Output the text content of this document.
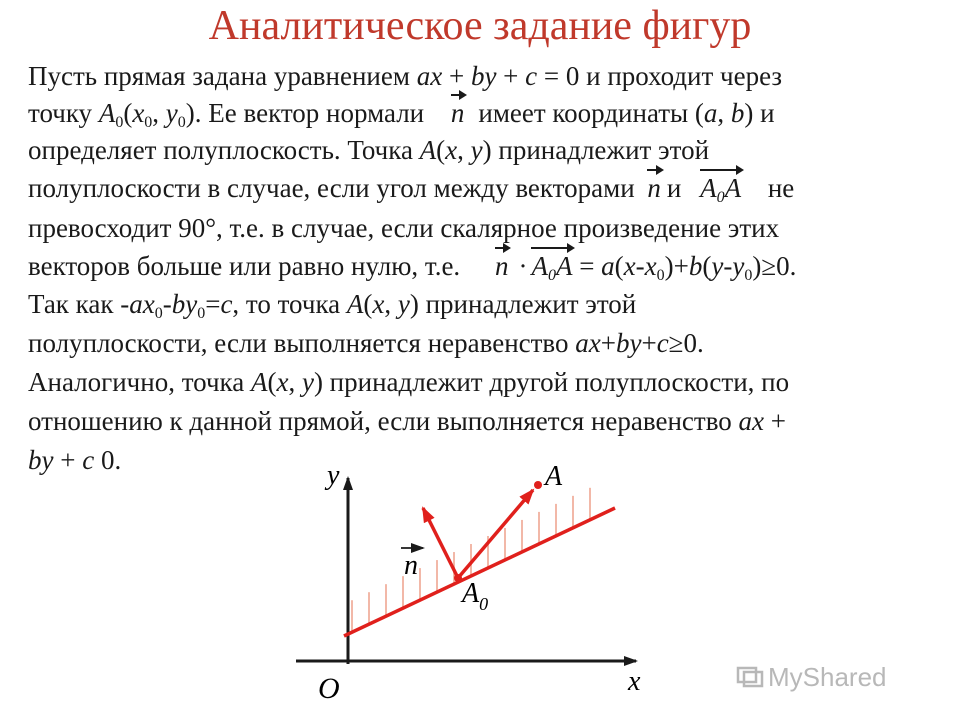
Аналитическое задание фигур
Пусть прямая задана уравнением ax + by + c = 0 и проходит через
точку $A_0(x_0$, $y_0$). Ее вектор нормали n имеет координаты (a, b) и
определяет полуплоскость. Точка A(x, y) принадлежит этой
полуплоскости в случае, если угол между векторами n и $A_0A$ не
превосходит 90°, т.е. в случае, если скалярное произведение этих
векторов больше или равно нулю, т.е. $n \cdot A_0A = a(x-x_0)+b(y-y_0)\ge 0$.
Так как $-ax_0-by_0=c$, то точка A(x, y) принадлежит этой
полуплоскости, если выполняется неравенство ax+by+c≥0.
Аналогично, точка A(x, y) принадлежит другой полуплоскости, по
отношению к данной прямой, если выполняется неравенство ax +
by + c 0.	y
x
O
A
$A_0$
n
MyShared
